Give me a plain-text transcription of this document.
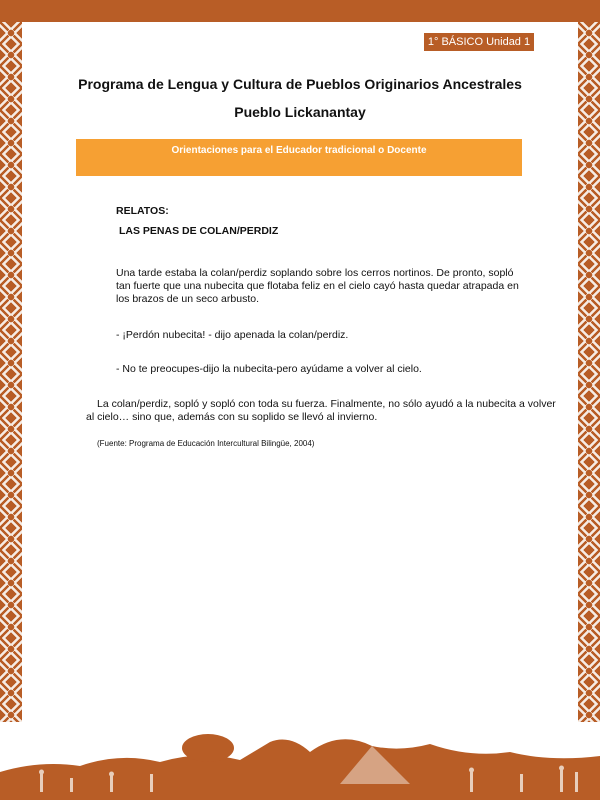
1° BÁSICO Unidad 1
Programa de Lengua y Cultura de Pueblos Originarios Ancestrales
Pueblo Lickanantay
Orientaciones para el Educador tradicional o Docente
RELATOS:
LAS PENAS DE COLAN/PERDIZ
Una tarde estaba la colan/perdiz soplando sobre los cerros nortinos. De pronto, sopló tan fuerte que una nubecita que flotaba feliz en el cielo cayó hasta quedar atrapada en los brazos de un seco arbusto.
- ¡Perdón nubecita! - dijo apenada la colan/perdiz.
- No te preocupes-dijo la nubecita-pero ayúdame a volver al cielo.
La colan/perdiz, sopló y sopló con toda su fuerza. Finalmente, no sólo ayudó a la nubecita a volver
al cielo… sino que, además con su soplido se llevó al invierno.
(Fuente: Programa de Educación Intercultural Bilingüe, 2004)
